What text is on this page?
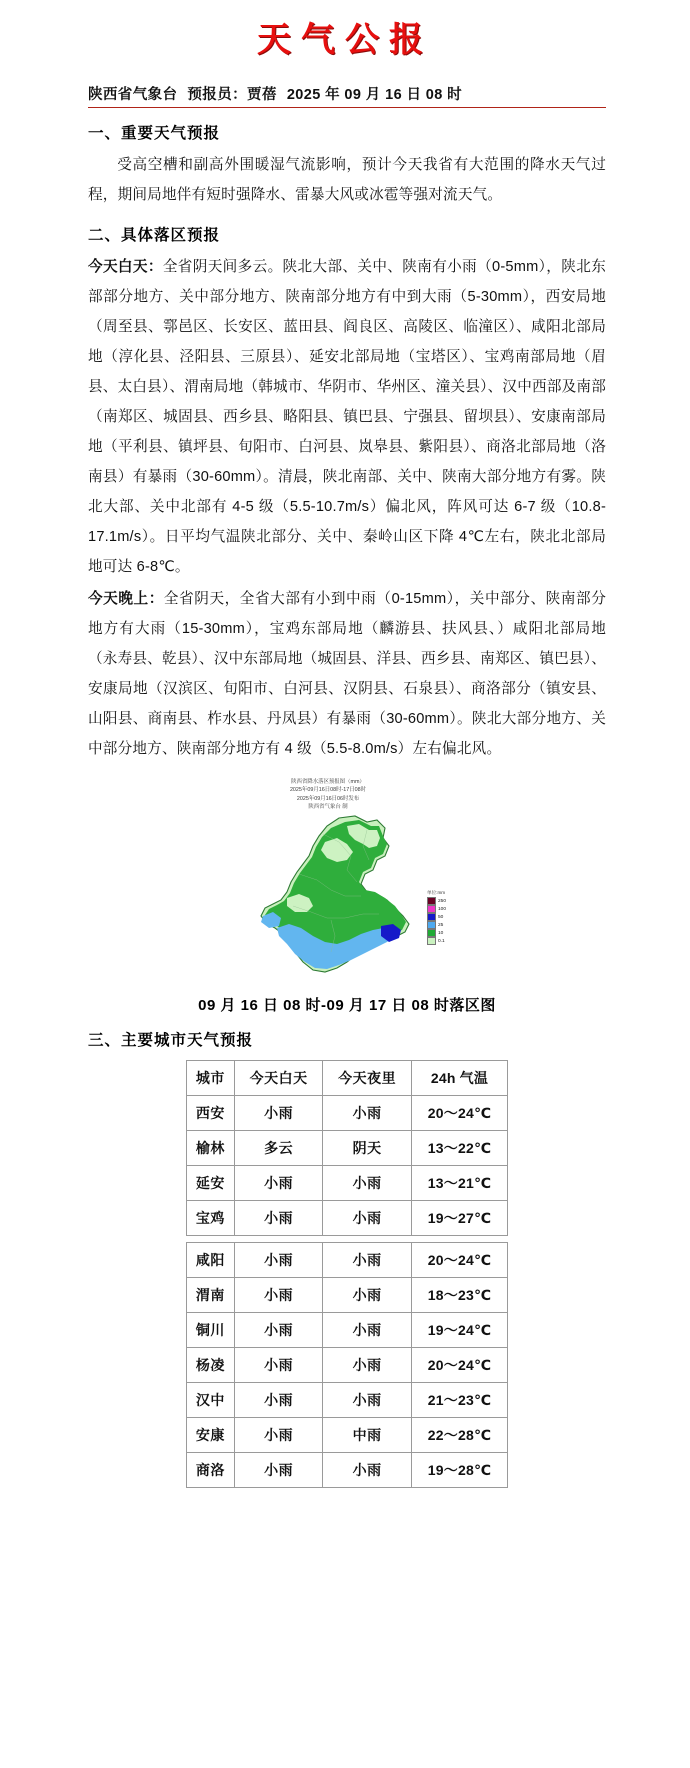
天气公报
陕西省气象台 预报员：贾蓓 2025 年 09 月 16 日 08 时
一、重要天气预报

受高空槽和副高外围暖湿气流影响，预计今天我省有大范围的降水天气过程，期间局地伴有短时强降水、雷暴大风或冰雹等强对流天气。

二、具体落区预报

今天白天：全省阴天间多云。陕北大部、关中、陕南有小雨（0-5mm），陕北东部部分地方、关中部分地方、陕南部分地方有中到大雨（5-30mm），西安局地（周至县、鄠邑区、长安区、蓝田县、阎良区、高陵区、临潼区）、咸阳北部局地（淳化县、泾阳县、三原县）、延安北部局地（宝塔区）、宝鸡南部局地（眉县、太白县）、渭南局地（韩城市、华阴市、华州区、潼关县）、汉中西部及南部（南郑区、城固县、西乡县、略阳县、镇巴县、宁强县、留坝县）、安康南部局地（平利县、镇坪县、旬阳市、白河县、岚皋县、紫阳县）、商洛北部局地（洛南县）有暴雨（30-60mm）。清晨，陕北南部、关中、陕南大部分地方有雾。陕北大部、关中北部有 4-5 级（5.5-10.7m/s）偏北风，阵风可达 6-7 级（10.8-17.1m/s）。日平均气温陕北部分、关中、秦岭山区下降 4℃左右，陕北北部局地可达 6-8℃。

今天晚上：全省阴天，全省大部有小到中雨（0-15mm），关中部分、陕南部分地方有大雨（15-30mm），宝鸡东部局地（麟游县、扶风县、）咸阳北部局地（永寿县、乾县）、汉中东部局地（城固县、洋县、西乡县、南郑区、镇巴县）、安康局地（汉滨区、旬阳市、白河县、汉阴县、石泉县）、商洛部分（镇安县、山阳县、商南县、柞水县、丹凤县）有暴雨（30-60mm）。陕北大部分地方、关中部分地方、陕南部分地方有 4 级（5.5-8.0m/s）左右偏北风。

陕西省降水落区预报图（mm）
2025年09月16日08时-17日08时
2025年09月16日06时发布
陕西省气象台 制
单位:mm
250
100
50
25
10
0.1
09 月 16 日 08 时-09 月 17 日 08 时落区图
三、主要城市天气预报
城市	今天白天	今天夜里	24h 气温
西安	小雨	小雨	20～24℃
榆林	多云	阴天	13～22℃
延安	小雨	小雨	13～21℃
宝鸡	小雨	小雨	19～27℃

咸阳	小雨	小雨	20～24℃
渭南	小雨	小雨	18～23℃
铜川	小雨	小雨	19～24℃
杨凌	小雨	小雨	20～24℃
汉中	小雨	小雨	21～23℃
安康	小雨	中雨	22～28℃
商洛	小雨	小雨	19～28℃
